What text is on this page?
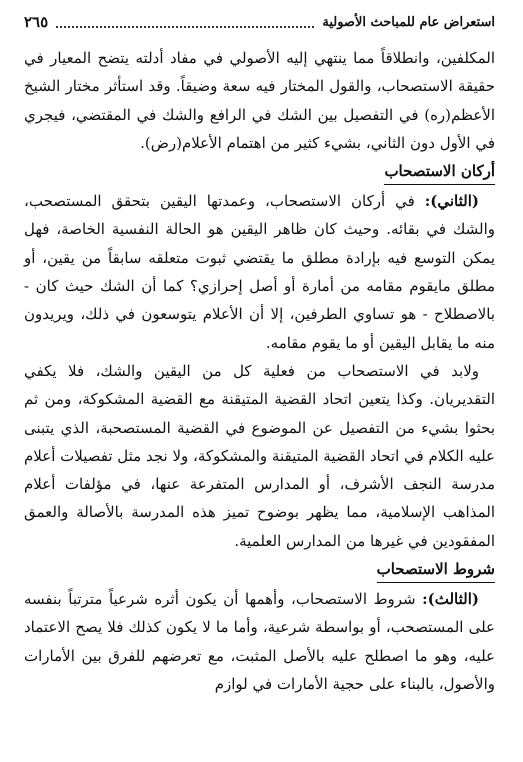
استعراض عام للمباحث الأصولية
٢٦٥

المكلفين، وانطلاقاً مما ينتهي إليه الأصولي في مفاد أدلته يتضح المعيار في حقيقة الاستصحاب، والقول المختار فيه سعة وضيقاً. وقد استأثر مختار الشيخ الأعظم(ره) في التفصيل بين الشك في الرافع والشك في المقتضي، فيجري في الأول دون الثاني، بشيء كثير من اهتمام الأعلام(رض).

أركان الاستصحاب

(الثاني): في أركان الاستصحاب، وعمدتها اليقين بتحقق المستصحب، والشك في بقائه. وحيث كان ظاهر اليقين هو الحالة النفسية الخاصة، فهل يمكن التوسع فيه بإرادة مطلق ما يقتضي ثبوت متعلقه سابقاً من يقين، أو مطلق مايقوم مقامه من أمارة أو أصل إحرازي؟ كما أن الشك حيث كان - بالاصطلاح - هو تساوي الطرفين، إلا أن الأعلام يتوسعون في ذلك، ويريدون منه ما يقابل اليقين أو ما يقوم مقامه.

ولابد في الاستصحاب من فعلية كل من اليقين والشك، فلا يكفي التقديريان. وكذا يتعين اتحاد القضية المتيقنة مع القضية المشكوكة، ومن ثم بحثوا بشيء من التفصيل عن الموضوع في القضية المستصحبة، الذي يتبنى عليه الكلام في اتحاد القضية المتيقنة والمشكوكة، ولا نجد مثل تفصيلات أعلام مدرسة النجف الأشرف، أو المدارس المتفرعة عنها، في مؤلفات أعلام المذاهب الإسلامية، مما يظهر بوضوح تميز هذه المدرسة بالأصالة والعمق المفقودين في غيرها من المدارس العلمية.

شروط الاستصحاب

(الثالث): شروط الاستصحاب، وأهمها أن يكون أثره شرعياً مترتباً بنفسه على المستصحب، أو بواسطة شرعية، وأما ما لا يكون كذلك فلا يصح الاعتماد عليه، وهو ما اصطلح عليه بالأصل المثبت، مع تعرضهم للفرق بين الأمارات والأصول، بالبناء على حجية الأمارات في لوازم
